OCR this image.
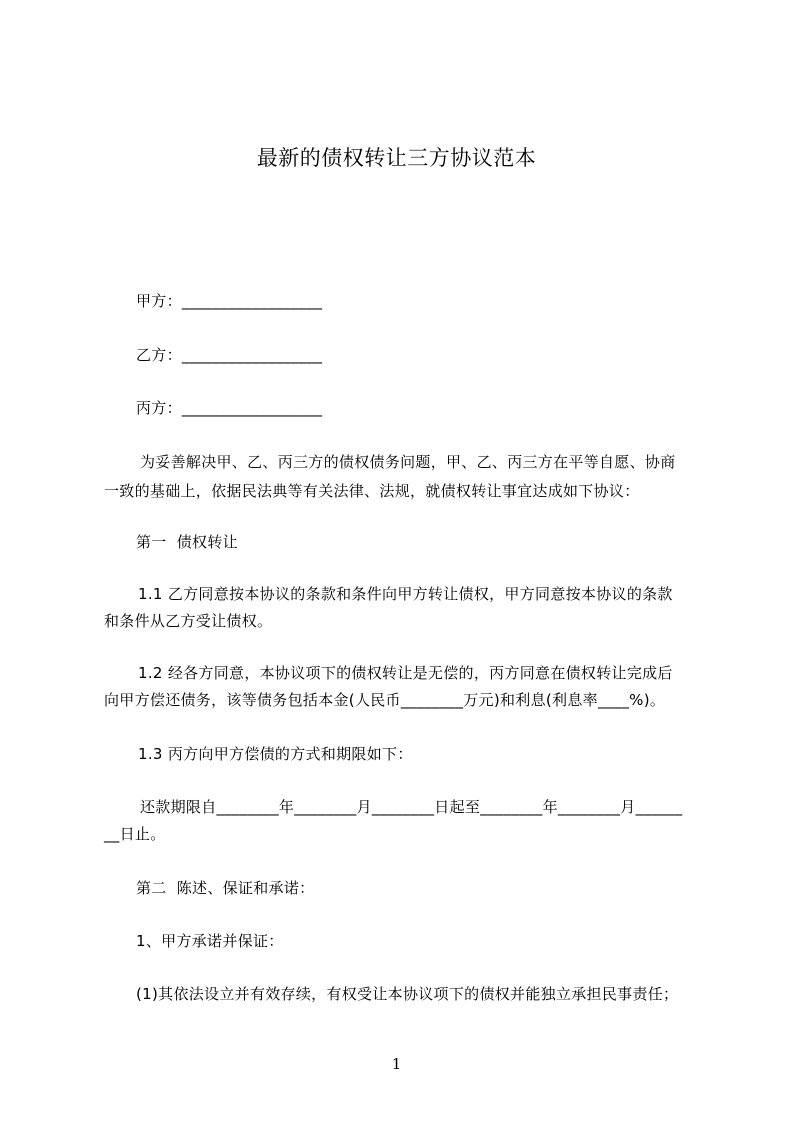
最新的债权转让三方协议范本
甲方：__________________
乙方：__________________
丙方：__________________
为妥善解决甲、乙、丙三方的债权债务问题，甲、乙、丙三方在平等自愿、协商
一致的基础上，依据民法典等有关法律、法规，就债权转让事宜达成如下协议：
第一  债权转让
1.1 乙方同意按本协议的条款和条件向甲方转让债权，甲方同意按本协议的条款
和条件从乙方受让债权。
1.2 经各方同意，本协议项下的债权转让是无偿的，丙方同意在债权转让完成后
向甲方偿还债务，该等债务包括本金(人民币________万元)和利息(利息率____%)。
1.3 丙方向甲方偿债的方式和期限如下：
还款期限自________年________月________日起至________年________月______
__日止。
第二  陈述、保证和承诺：
1、甲方承诺并保证：
(1)其依法设立并有效存续，有权受让本协议项下的债权并能独立承担民事责任；
1
